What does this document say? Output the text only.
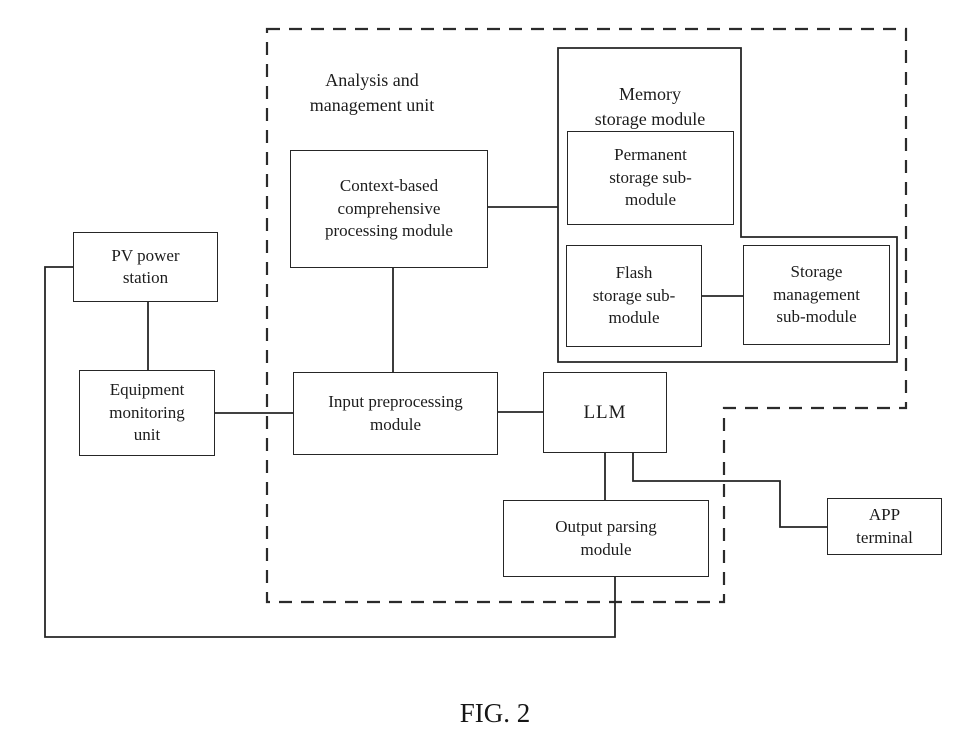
Analysis and
management unit

Memory
storage module

PV power
station
Equipment
monitoring
unit
Context-based
comprehensive
processing module
Permanent
storage sub-
module
Flash
storage sub-
module
Storage
management
sub-module
Input preprocessing
module
LLM
Output parsing
module
APP
terminal
FIG. 2
